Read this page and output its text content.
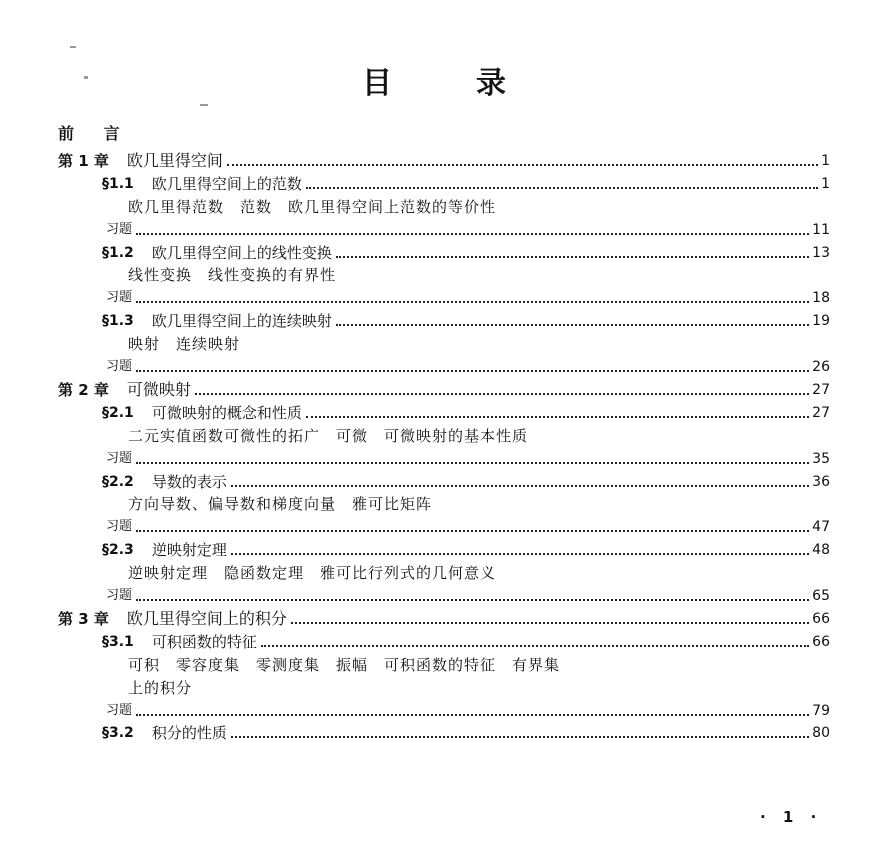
目	录
前 言
第 1 章 欧几里得空间	1
§1.1 欧几里得空间上的范数	1
欧几里得范数　范数　欧几里得空间上范数的等价性
习题	11
§1.2 欧几里得空间上的线性变换	13
线性变换　线性变换的有界性
习题	18
§1.3 欧几里得空间上的连续映射	19
映射　连续映射
习题	26
第 2 章 可微映射	27
§2.1 可微映射的概念和性质	27
二元实值函数可微性的拓广　可微　可微映射的基本性质
习题	35
§2.2 导数的表示	36
方向导数、偏导数和梯度向量　雅可比矩阵
习题	47
§2.3 逆映射定理	48
逆映射定理　隐函数定理　雅可比行列式的几何意义
习题	65
第 3 章 欧几里得空间上的积分	66
§3.1 可积函数的特征	66
可积　零容度集　零测度集　振幅　可积函数的特征　有界集
上的积分
习题	79
§3.2 积分的性质	80
· 1 ·
